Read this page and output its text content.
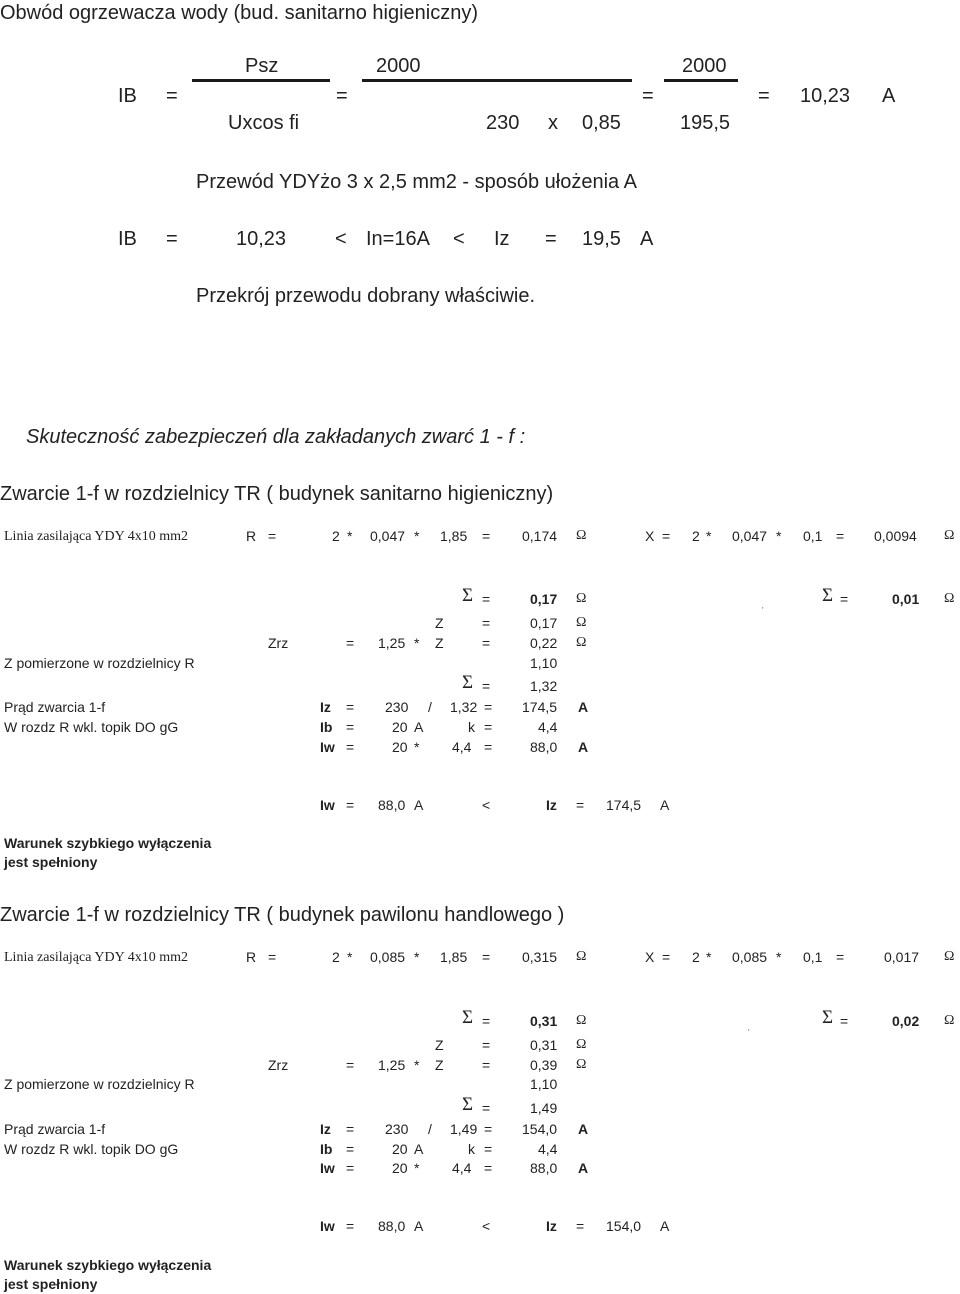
Obwód ogrzewacza wody (bud. sanitarno higieniczny)
IB =
Psz
Uxcos fi
=
2000
230 x 0,85
=
2000
195,5
= 10,23 A
Przewód YDYżo 3 x 2,5 mm2 - sposób ułożenia A
IB =	10,23 < In=16A < Iz = 19,5 A
Przekrój przewodu dobrany właściwie.
Skuteczność zabezpieczeń dla zakładanych zwarć 1 - f :
Zwarcie 1-f w rozdzielnicy TR ( budynek sanitarno higieniczny)
Linia zasilająca YDY 4x10 mm2	R =	2 * 0,047 * 1,85 = 0,174 Ω	X = 2 * 0,047 * 0,1 = 0,0094 Ω
Σ =	0,17 Ω
'
Σ =	0,01 Ω
Z	=	0,17 Ω
Zrz	= 1,25 * Z	=	0,22 Ω
Z pomierzone w rozdzielnicy R	1,10
Σ =	1,32
Prąd zwarcia 1-f	Iz = 230 / 1,32 = 174,5 A
W rozdz R wkl. topik DO gG	Ib =	20 A	k =	4,4
Iw =	20 * 4,4 =	88,0 A
Iw = 88,0 A	<	Iz = 174,5 A
Warunek szybkiego wyłączenia
jest spełniony
Zwarcie 1-f w rozdzielnicy TR ( budynek pawilonu handlowego )
Linia zasilająca YDY 4x10 mm2	R =	2 * 0,085 * 1,85 = 0,315 Ω	X = 2 * 0,085 * 0,1 =	0,017 Ω
Σ =	0,31 Ω
'
Σ =	0,02 Ω
Z	=	0,31 Ω
Zrz	= 1,25 * Z	=	0,39 Ω
Z pomierzone w rozdzielnicy R	1,10
Σ =	1,49
Prąd zwarcia 1-f	Iz = 230 / 1,49 = 154,0 A
W rozdz R wkl. topik DO gG	Ib =	20 A	k =	4,4
Iw =	20 * 4,4 =	88,0 A
Iw = 88,0 A	<	Iz = 154,0 A
Warunek szybkiego wyłączenia
jest spełniony
